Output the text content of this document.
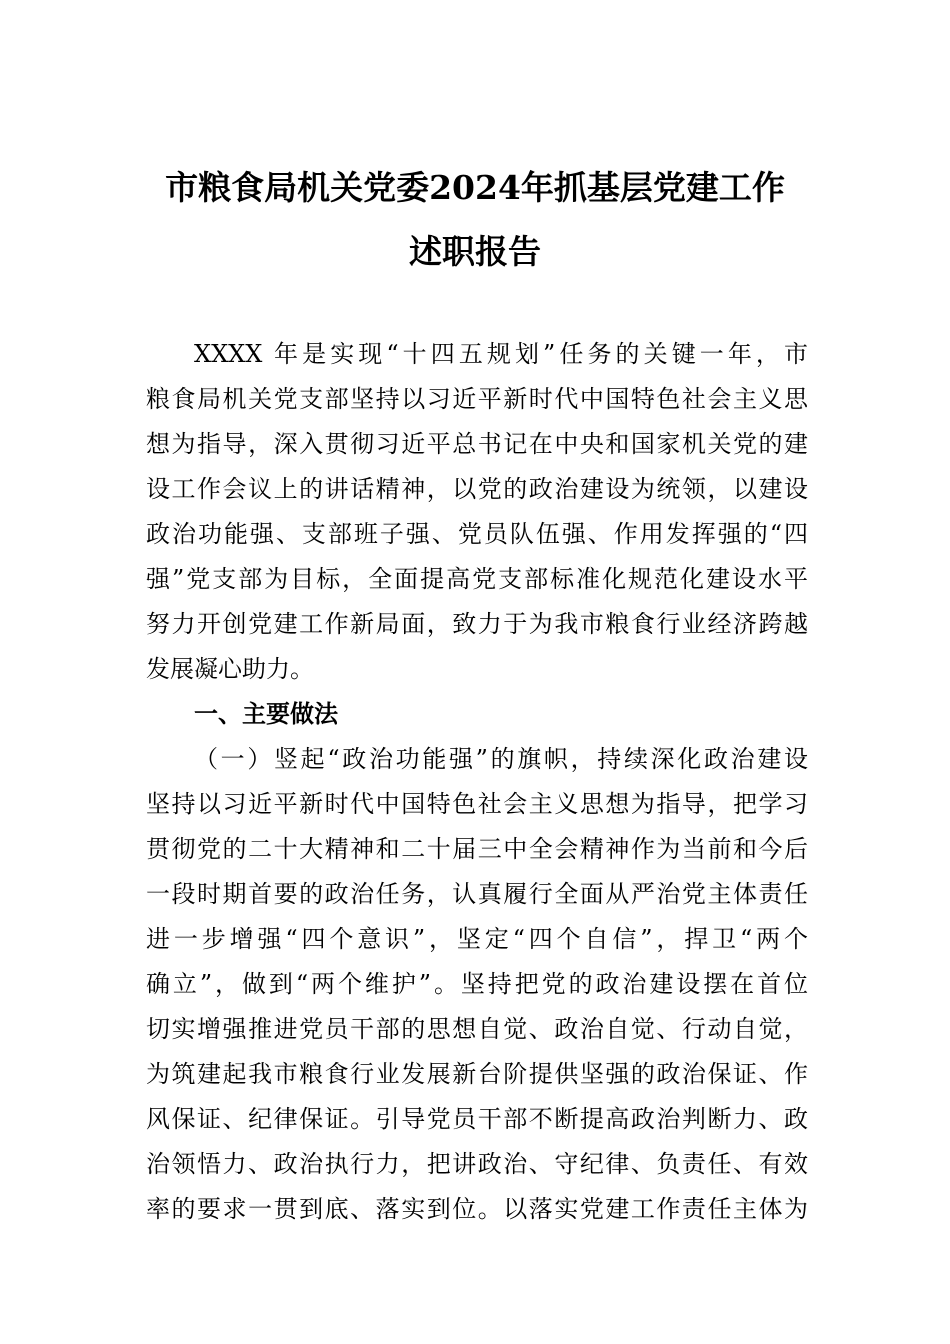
市粮食局机关党委2024年抓基层党建工作
述职报告
XXXX 年是实现“十四五规划”任务的关键一年，市
粮食局机关党支部坚持以习近平新时代中国特色社会主义思
想为指导，深入贯彻习近平总书记在中央和国家机关党的建
设工作会议上的讲话精神，以党的政治建设为统领，以建设
政治功能强、支部班子强、党员队伍强、作用发挥强的“四
强”党支部为目标，全面提高党支部标准化规范化建设水平
努力开创党建工作新局面，致力于为我市粮食行业经济跨越
发展凝心助力。
一、主要做法
（一）竖起“政治功能强”的旗帜，持续深化政治建设
坚持以习近平新时代中国特色社会主义思想为指导，把学习
贯彻党的二十大精神和二十届三中全会精神作为当前和今后
一段时期首要的政治任务，认真履行全面从严治党主体责任
进一步增强“四个意识”，坚定“四个自信”，捍卫“两个
确立”，做到“两个维护”。坚持把党的政治建设摆在首位
切实增强推进党员干部的思想自觉、政治自觉、行动自觉，
为筑建起我市粮食行业发展新台阶提供坚强的政治保证、作
风保证、纪律保证。引导党员干部不断提高政治判断力、政
治领悟力、政治执行力，把讲政治、守纪律、负责任、有效
率的要求一贯到底、落实到位。以落实党建工作责任主体为
